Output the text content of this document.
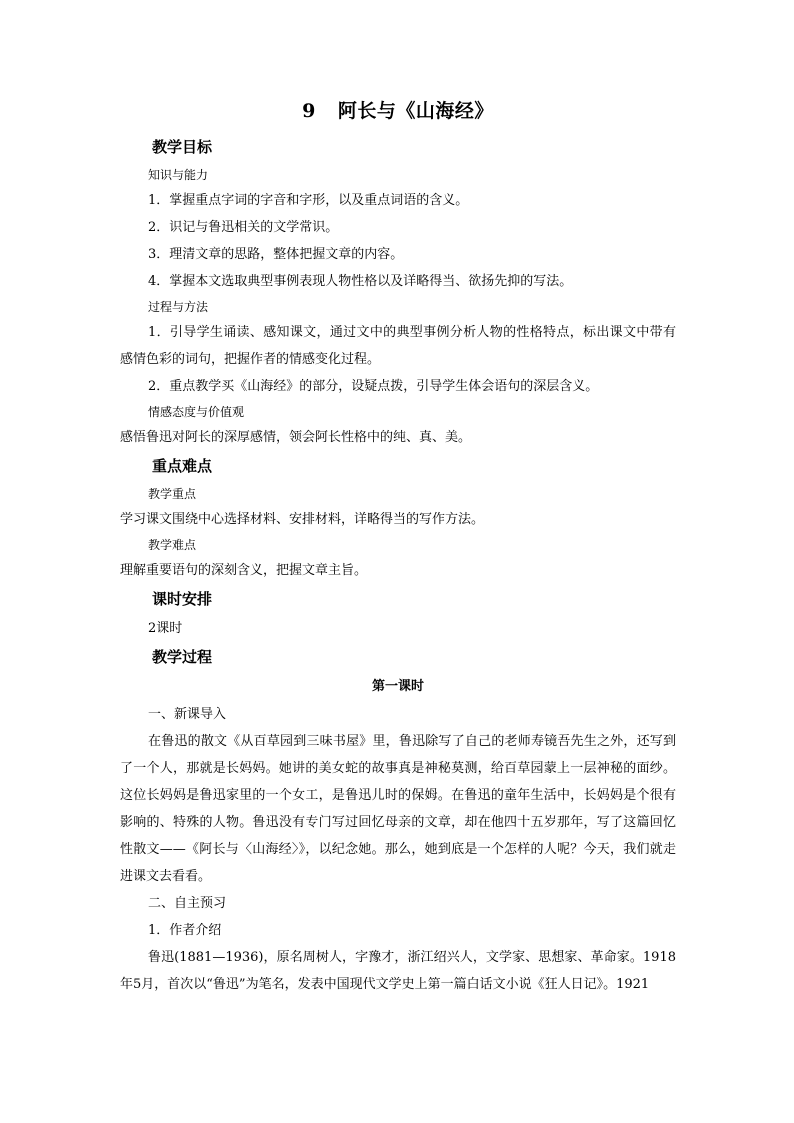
9 阿长与《山海经》
教学目标
知识与能力
1．掌握重点字词的字音和字形，以及重点词语的含义。
2．识记与鲁迅相关的文学常识。
3．理清文章的思路，整体把握文章的内容。
4．掌握本文选取典型事例表现人物性格以及详略得当、欲扬先抑的写法。
过程与方法

1．引导学生诵读、感知课文，通过文中的典型事例分析人物的性格特点，标出课文中带有感情色彩的词句，把握作者的情感变化过程。

2．重点教学买《山海经》的部分，设疑点拨，引导学生体会语句的深层含义。
情感态度与价值观
感悟鲁迅对阿长的深厚感情，领会阿长性格中的纯、真、美。
重点难点
教学重点
学习课文围绕中心选择材料、安排材料，详略得当的写作方法。
教学难点
理解重要语句的深刻含义，把握文章主旨。
课时安排
2课时
教学过程
第一课时
一、新课导入

在鲁迅的散文《从百草园到三味书屋》里，鲁迅除写了自己的老师寿镜吾先生之外，还写到了一个人，那就是长妈妈。她讲的美女蛇的故事真是神秘莫测，给百草园蒙上一层神秘的面纱。这位长妈妈是鲁迅家里的一个女工，是鲁迅儿时的保姆。在鲁迅的童年生活中，长妈妈是个很有影响的、特殊的人物。鲁迅没有专门写过回忆母亲的文章，却在他四十五岁那年，写了这篇回忆性散文——《阿长与〈山海经〉》，以纪念她。那么，她到底是一个怎样的人呢？今天，我们就走进课文去看看。

二、自主预习
1．作者介绍

鲁迅(1881—1936)，原名周树人，字豫才，浙江绍兴人，文学家、思想家、革命家。1918年5月，首次以“鲁迅”为笔名，发表中国现代文学史上第一篇白话文小说《狂人日记》。1921
